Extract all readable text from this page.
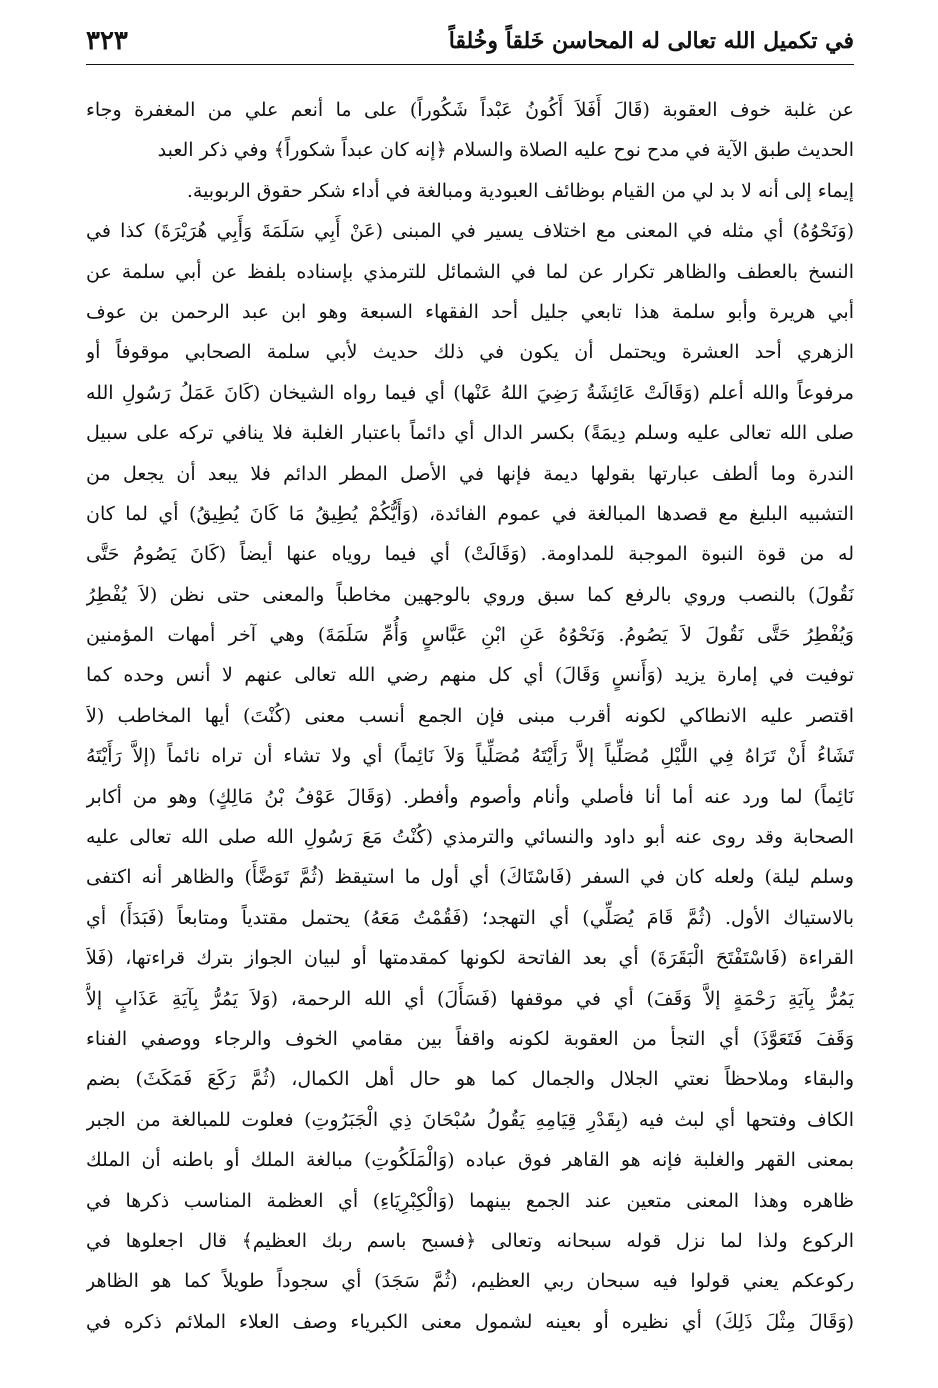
في تكميل الله تعالى له المحاسن خَلقاً وخُلقاً
٣٢٣
عن غلبة خوف العقوبة (قَالَ أَفَلاَ أَكُونُ عَبْداً شَكُوراً) على ما أنعم علي من المغفرة وجاء
الحديث طبق الآية في مدح نوح عليه الصلاة والسلام ﴿إنه كان عبداً شكوراً﴾ وفي ذكر العبد
إيماء إلى أنه لا بد لي من القيام بوظائف العبودية ومبالغة في أداء شكر حقوق الربوبية.
(وَنَحْوُهُ) أي مثله في المعنى مع اختلاف يسير في المبنى (عَنْ أَبِي سَلَمَةَ وَأَبِي هُرَيْرَةَ) كذا في
النسخ بالعطف والظاهر تكرار عن لما في الشمائل للترمذي بإسناده بلفظ عن أبي سلمة عن
أبي هريرة وأبو سلمة هذا تابعي جليل أحد الفقهاء السبعة وهو ابن عبد الرحمن بن عوف
الزهري أحد العشرة ويحتمل أن يكون في ذلك حديث لأبي سلمة الصحابي موقوفاً أو
مرفوعاً والله أعلم (وَقَالَتْ عَائِشَةُ رَضِيَ اللهُ عَنْها) أي فيما رواه الشيخان (كَانَ عَمَلُ رَسُولِ الله
صلى الله تعالى عليه وسلم دِيمَةً) بكسر الدال أي دائماً باعتبار الغلبة فلا ينافي تركه على سبيل
الندرة وما ألطف عبارتها بقولها ديمة فإنها في الأصل المطر الدائم فلا يبعد أن يجعل من
التشبيه البليغ مع قصدها المبالغة في عموم الفائدة، (وَأَيُّكُمْ يُطِيقُ مَا كَانَ يُطِيقُ) أي لما كان
له من قوة النبوة الموجبة للمداومة. (وَقَالَتْ) أي فيما روياه عنها أيضاً (كَانَ يَصُومُ حَتَّى
نَقُولَ) بالنصب وروي بالرفع كما سبق وروي بالوجهين مخاطباً والمعنى حتى نظن (لاَ يُفْطِرُ
وَيُفْطِرُ حَتَّى نَقُولَ لاَ يَصُومُ. وَنَحْوُهُ عَنِ ابْنِ عَبَّاسٍ وَأُمِّ سَلَمَةَ) وهي آخر أمهات المؤمنين
توفيت في إمارة يزيد (وَأَنسٍ وَقَالَ) أي كل منهم رضي الله تعالى عنهم لا أنس وحده كما
اقتصر عليه الانطاكي لكونه أقرب مبنى فإن الجمع أنسب معنى (كُنْتَ) أيها المخاطب (لاَ
تَشَاءُ أَنْ تَرَاهُ فِي اللَّيْلِ مُصَلِّياً إلاَّ رَأَيْتَهُ مُصَلِّياً وَلاَ نَائِماً) أي ولا تشاء أن تراه نائماً (إلاَّ رَأَيْتَهُ
نَائِماً) لما ورد عنه أما أنا فأصلي وأنام وأصوم وأفطر. (وَقَالَ عَوْفُ بْنُ مَالِكٍ) وهو من أكابر
الصحابة وقد روى عنه أبو داود والنسائي والترمذي (كُنْتُ مَعَ رَسُولِ الله صلى الله تعالى عليه
وسلم ليلة) ولعله كان في السفر (فَاسْتَاكَ) أي أول ما استيقظ (ثُمَّ تَوَضَّأَ) والظاهر أنه اكتفى
بالاستياك الأول. (ثُمَّ قَامَ يُصَلِّي) أي التهجد؛ (فَقُمْتُ مَعَهُ) يحتمل مقتدياً ومتابعاً (فَبَدَأَ) أي
القراءة (فَاسْتَفْتَحَ الْبَقَرَةَ) أي بعد الفاتحة لكونها كمقدمتها أو لبيان الجواز بترك قراءتها، (فَلاَ
يَمُرُّ بِآيَةِ رَحْمَةٍ إلاَّ وَقَفَ) أي في موقفها (فَسَأَلَ) أي الله الرحمة، (وَلاَ يَمُرُّ بِآيَةِ عَذَابٍ إلاَّ
وَقَفَ فَتَعَوَّذَ) أي التجأ من العقوبة لكونه واقفاً بين مقامي الخوف والرجاء ووصفي الفناء
والبقاء وملاحظاً نعتي الجلال والجمال كما هو حال أهل الكمال، (ثُمَّ رَكَعَ فَمَكَثَ) بضم
الكاف وفتحها أي لبث فيه (بِقَدْرِ قِيَامِهِ يَقُولُ سُبْحَانَ ذِي الْجَبَرُوتِ) فعلوت للمبالغة من الجبر
بمعنى القهر والغلبة فإنه هو القاهر فوق عباده (وَالْمَلَكُوتِ) مبالغة الملك أو باطنه أن الملك
ظاهره وهذا المعنى متعين عند الجمع بينهما (وَالْكِبْرِيَاءِ) أي العظمة المناسب ذكرها في
الركوع ولذا لما نزل قوله سبحانه وتعالى ﴿فسبح باسم ربك العظيم﴾ قال اجعلوها في
ركوعكم يعني قولوا فيه سبحان ربي العظيم، (ثُمَّ سَجَدَ) أي سجوداً طويلاً كما هو الظاهر
(وَقَالَ مِثْلَ ذَلِكَ) أي نظيره أو بعينه لشمول معنى الكبرياء وصف العلاء الملائم ذكره في
